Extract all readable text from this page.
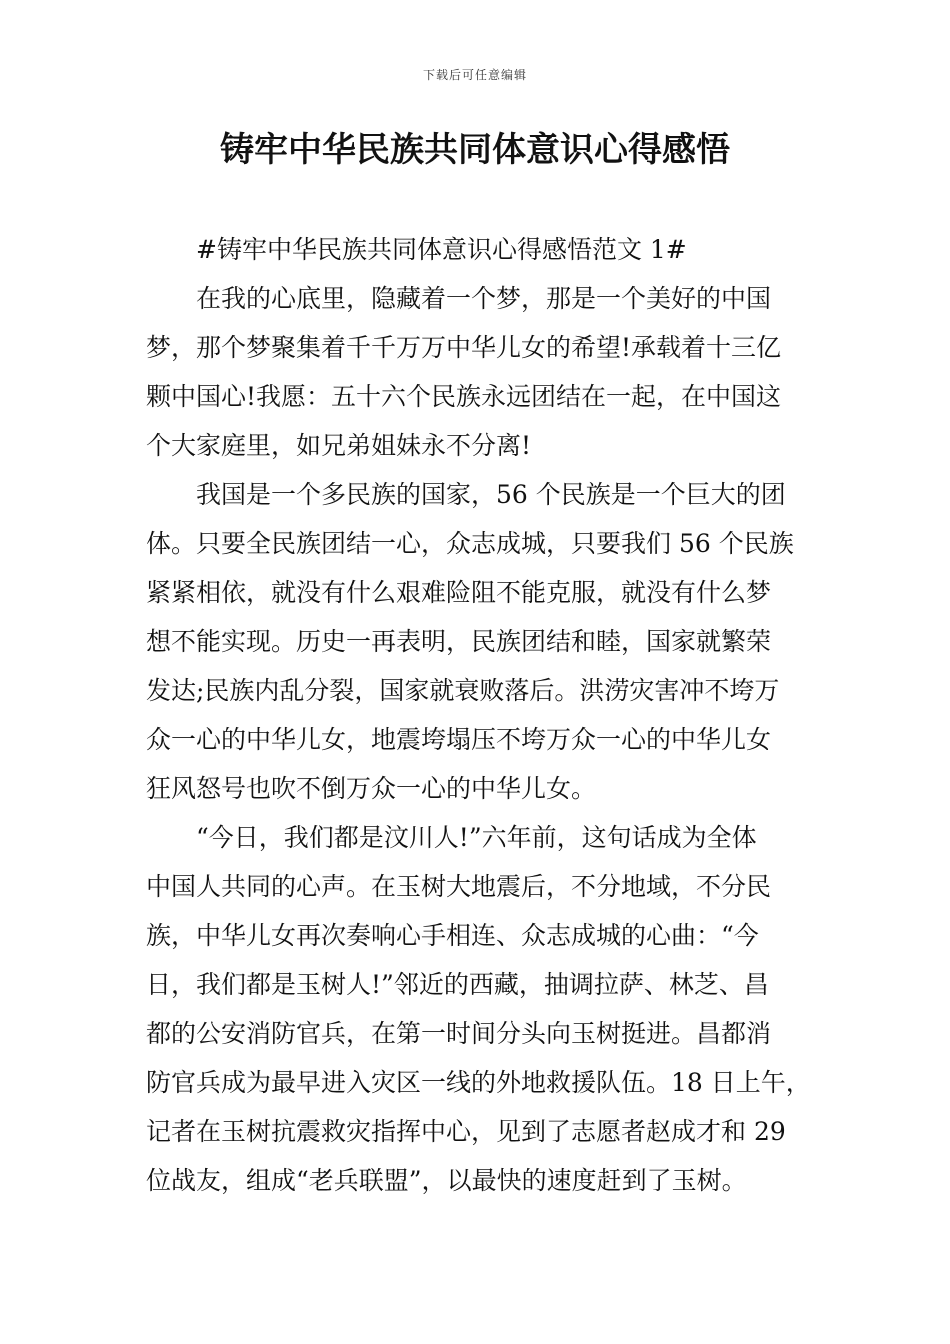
下载后可任意编辑
铸牢中华民族共同体意识心得感悟

#铸牢中华民族共同体意识心得感悟范文 1#

在我的心底里，隐藏着一个梦，那是一个美好的中国
梦，那个梦聚集着千千万万中华儿女的希望!承载着十三亿
颗中国心!我愿：五十六个民族永远团结在一起，在中国这
个大家庭里，如兄弟姐妹永不分离!

我国是一个多民族的国家，56 个民族是一个巨大的团
体。只要全民族团结一心，众志成城，只要我们 56 个民族
紧紧相依，就没有什么艰难险阻不能克服，就没有什么梦
想不能实现。历史一再表明，民族团结和睦，国家就繁荣
发达;民族内乱分裂，国家就衰败落后。洪涝灾害冲不垮万
众一心的中华儿女，地震垮塌压不垮万众一心的中华儿女
狂风怒号也吹不倒万众一心的中华儿女。

“今日，我们都是汶川人!”六年前，这句话成为全体
中国人共同的心声。在玉树大地震后，不分地域，不分民
族，中华儿女再次奏响心手相连、众志成城的心曲：“今
日，我们都是玉树人!”邻近的西藏，抽调拉萨、林芝、昌
都的公安消防官兵，在第一时间分头向玉树挺进。昌都消
防官兵成为最早进入灾区一线的外地救援队伍。18 日上午，
记者在玉树抗震救灾指挥中心，见到了志愿者赵成才和 29
位战友，组成“老兵联盟”，以最快的速度赶到了玉树。
